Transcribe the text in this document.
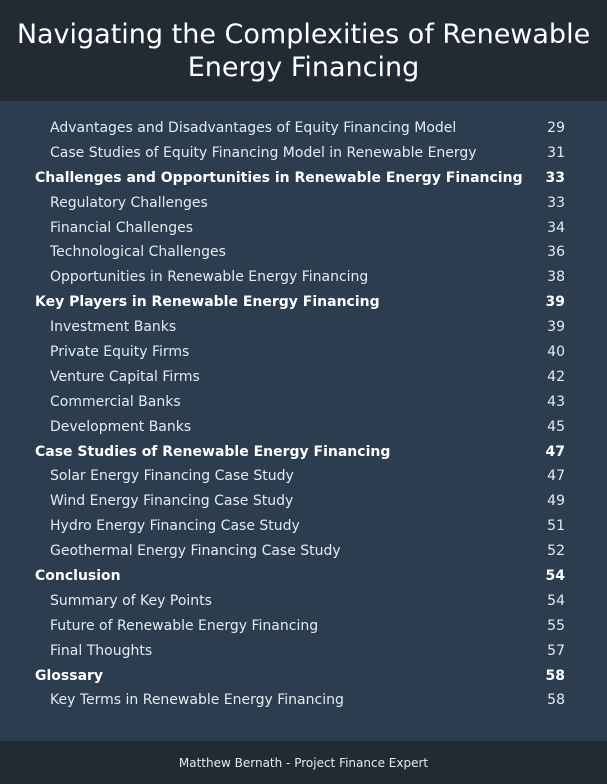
Navigating the Complexities of Renewable Energy Financing
Advantages and Disadvantages of Equity Financing Model	29
Case Studies of Equity Financing Model in Renewable Energy	31
Challenges and Opportunities in Renewable Energy Financing 33
Regulatory Challenges	33
Financial Challenges	34
Technological Challenges	36
Opportunities in Renewable Energy Financing	38
Key Players in Renewable Energy Financing	39
Investment Banks	39
Private Equity Firms	40
Venture Capital Firms	42
Commercial Banks	43
Development Banks	45
Case Studies of Renewable Energy Financing	47
Solar Energy Financing Case Study	47
Wind Energy Financing Case Study	49
Hydro Energy Financing Case Study	51
Geothermal Energy Financing Case Study	52
Conclusion	54
Summary of Key Points	54
Future of Renewable Energy Financing	55
Final Thoughts	57
Glossary	58
Key Terms in Renewable Energy Financing	58
Matthew Bernath - Project Finance Expert
